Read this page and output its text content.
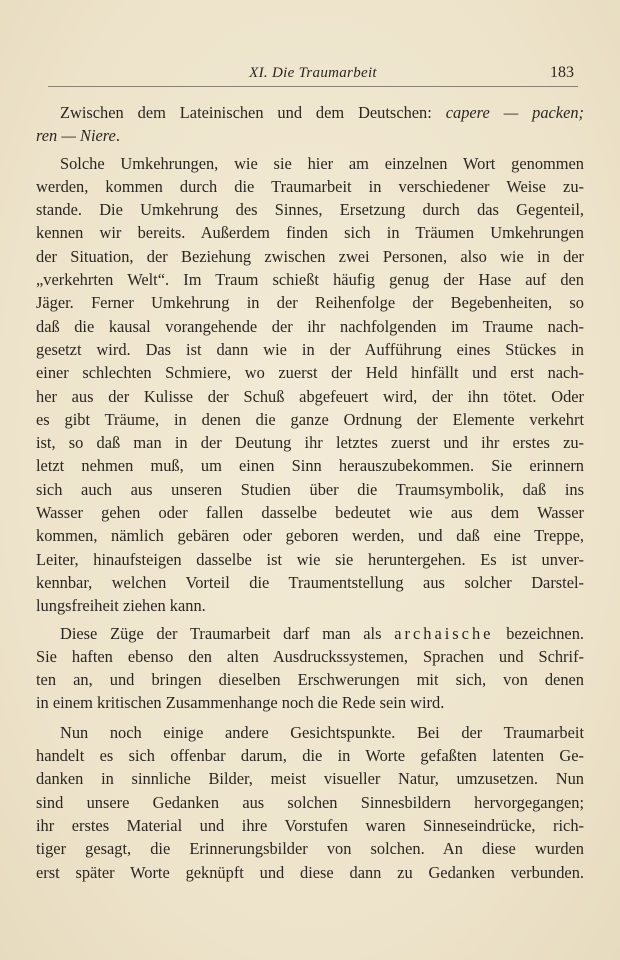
XI. Die Traumarbeit	183
Zwischen dem Lateinischen und dem Deutschen: capere — packen;
ren — Niere.
Solche Umkehrungen, wie sie hier am einzelnen Wort genommen
werden, kommen durch die Traumarbeit in verschiedener Weise zu-
stande. Die Umkehrung des Sinnes, Ersetzung durch das Gegenteil,
kennen wir bereits. Außerdem finden sich in Träumen Umkehrungen
der Situation, der Beziehung zwischen zwei Personen, also wie in der
„verkehrten Welt“. Im Traum schießt häufig genug der Hase auf den
Jäger. Ferner Umkehrung in der Reihenfolge der Begebenheiten, so
daß die kausal vorangehende der ihr nachfolgenden im Traume nach-
gesetzt wird. Das ist dann wie in der Aufführung eines Stückes in
einer schlechten Schmiere, wo zuerst der Held hinfällt und erst nach-
her aus der Kulisse der Schuß abgefeuert wird, der ihn tötet. Oder
es gibt Träume, in denen die ganze Ordnung der Elemente verkehrt
ist, so daß man in der Deutung ihr letztes zuerst und ihr erstes zu-
letzt nehmen muß, um einen Sinn herauszubekommen. Sie erinnern
sich auch aus unseren Studien über die Traumsymbolik, daß ins
Wasser gehen oder fallen dasselbe bedeutet wie aus dem Wasser
kommen, nämlich gebären oder geboren werden, und daß eine Treppe,
Leiter, hinaufsteigen dasselbe ist wie sie heruntergehen. Es ist unver-
kennbar, welchen Vorteil die Traumentstellung aus solcher Darstel-
lungsfreiheit ziehen kann.
Diese Züge der Traumarbeit darf man als archaische bezeichnen.
Sie haften ebenso den alten Ausdruckssystemen, Sprachen und Schrif-
ten an, und bringen dieselben Erschwerungen mit sich, von denen
in einem kritischen Zusammenhange noch die Rede sein wird.
Nun noch einige andere Gesichtspunkte. Bei der Traumarbeit
handelt es sich offenbar darum, die in Worte gefaßten latenten Ge-
danken in sinnliche Bilder, meist visueller Natur, umzusetzen. Nun
sind unsere Gedanken aus solchen Sinnesbildern hervorgegangen;
ihr erstes Material und ihre Vorstufen waren Sinneseindrücke, rich-
tiger gesagt, die Erinnerungsbilder von solchen. An diese wurden
erst später Worte geknüpft und diese dann zu Gedanken verbunden.
